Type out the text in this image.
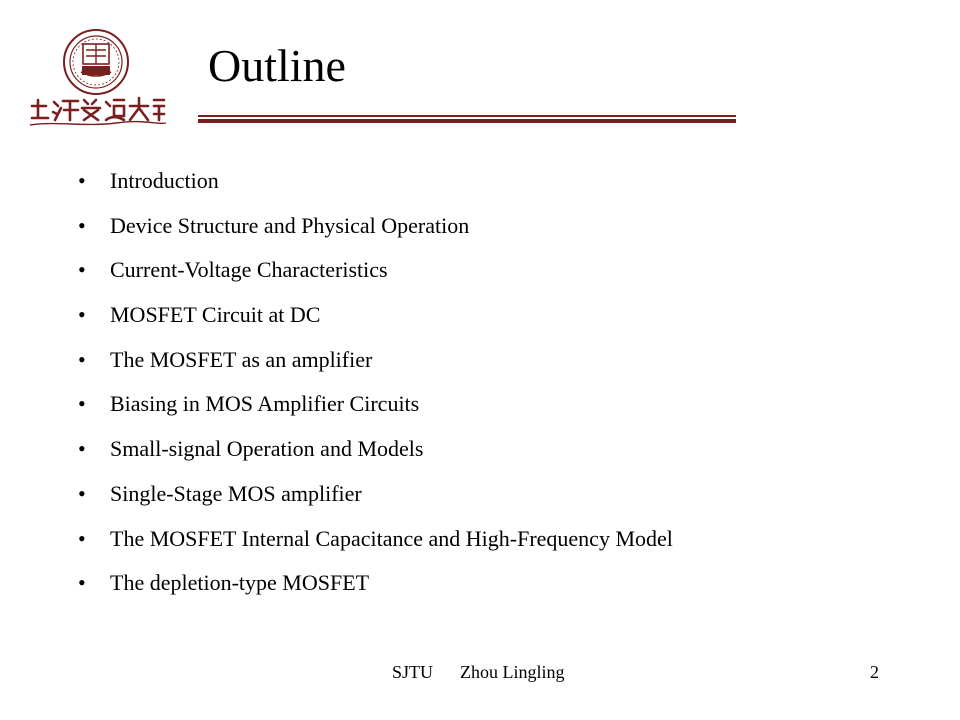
Outline
• Introduction
• Device Structure and Physical Operation
• Current-Voltage Characteristics
• MOSFET Circuit at DC
• The MOSFET as an amplifier
• Biasing in MOS Amplifier Circuits
• Small-signal Operation and Models
• Single-Stage MOS amplifier
• The MOSFET Internal Capacitance and High-Frequency Model
• The depletion-type MOSFET
SJTU Zhou Lingling	2
